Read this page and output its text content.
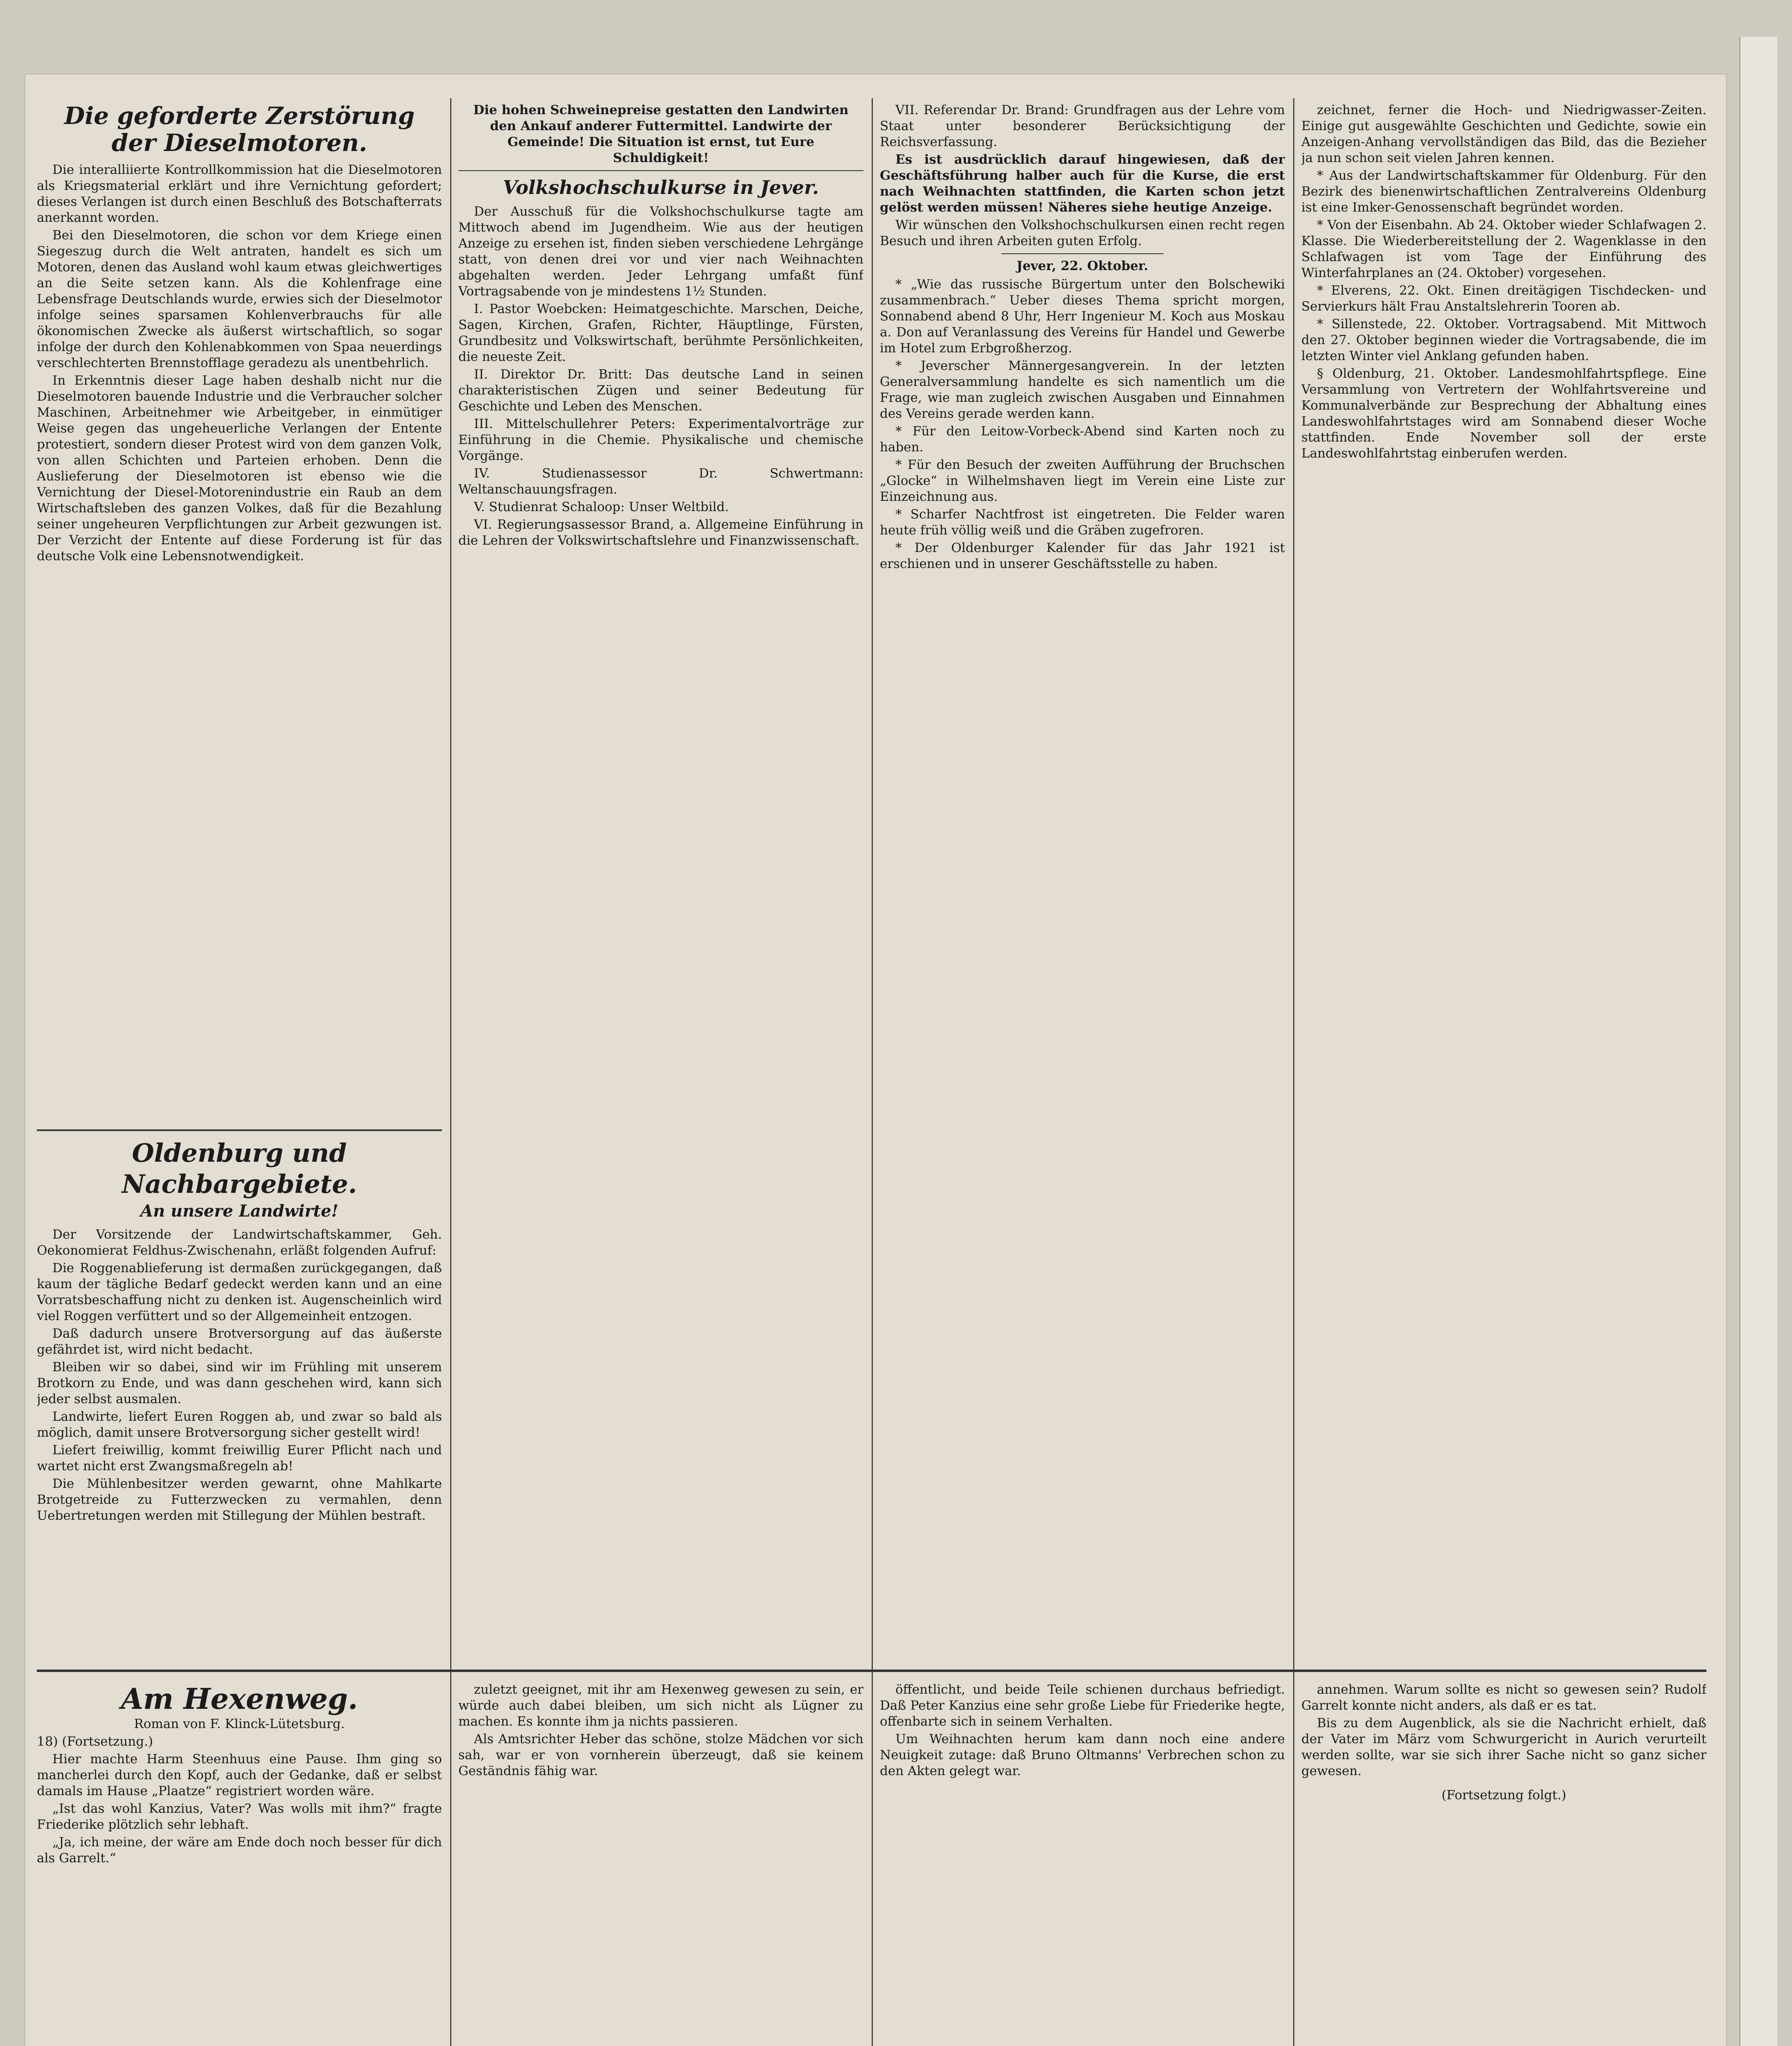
Die geforderte Zerstörung
der Dieselmotoren.

Die interalliierte Kontrollkommission hat die Dieselmotoren als Kriegsmaterial erklärt und ihre Vernichtung gefordert; dieses Verlangen ist durch einen Beschluß des Botschafterrats anerkannt worden.

Bei den Dieselmotoren, die schon vor dem Kriege einen Siegeszug durch die Welt antraten, handelt es sich um Motoren, denen das Ausland wohl kaum etwas gleichwertiges an die Seite setzen kann. Als die Kohlenfrage eine Lebensfrage Deutschlands wurde, erwies sich der Dieselmotor infolge seines sparsamen Kohlenverbrauchs für alle ökonomischen Zwecke als äußerst wirtschaftlich, so sogar infolge der durch den Kohlenabkommen von Spaa neuerdings verschlechterten Brennstofflage geradezu als unentbehrlich.

In Erkenntnis dieser Lage haben deshalb nicht nur die Dieselmotoren bauende Industrie und die Verbraucher solcher Maschinen, Arbeitnehmer wie Arbeitgeber, in einmütiger Weise gegen das ungeheuerliche Verlangen der Entente protestiert, sondern dieser Protest wird von dem ganzen Volk, von allen Schichten und Parteien erhoben. Denn die Auslieferung der Dieselmotoren ist ebenso wie die Vernichtung der Diesel-Motorenindustrie ein Raub an dem Wirtschaftsleben des ganzen Volkes, daß für die Bezahlung seiner ungeheuren Verpflichtungen zur Arbeit gezwungen ist. Der Verzicht der Entente auf diese Forderung ist für das deutsche Volk eine Lebensnotwendigkeit.

Oldenburg und Nachbargebiete.
An unsere Landwirte!

Der Vorsitzende der Landwirtschaftskammer, Geh. Oekonomierat Feldhus-Zwischenahn, erläßt folgenden Aufruf:

Die Roggenablieferung ist dermaßen zurückgegangen, daß kaum der tägliche Bedarf gedeckt werden kann und an eine Vorratsbeschaffung nicht zu denken ist. Augenscheinlich wird viel Roggen verfüttert und so der Allgemeinheit entzogen.

Daß dadurch unsere Brotversorgung auf das äußerste gefährdet ist, wird nicht bedacht.

Bleiben wir so dabei, sind wir im Frühling mit unserem Brotkorn zu Ende, und was dann geschehen wird, kann sich jeder selbst ausmalen.

Landwirte, liefert Euren Roggen ab, und zwar so bald als möglich, damit unsere Brotversorgung sicher gestellt wird!

Liefert freiwillig, kommt freiwillig Eurer Pflicht nach und wartet nicht erst Zwangsmaßregeln ab!

Die Mühlenbesitzer werden gewarnt, ohne Mahlkarte Brotgetreide zu Futterzwecken zu vermahlen, denn Uebertretungen werden mit Stillegung der Mühlen bestraft.

Die hohen Schweinepreise gestatten den Landwirten den Ankauf anderer Futtermittel. Landwirte der Gemeinde! Die Situation ist ernst, tut Eure Schuldigkeit!

Volkshochschulkurse in Jever.

Der Ausschuß für die Volkshochschulkurse tagte am Mittwoch abend im Jugendheim. Wie aus der heutigen Anzeige zu ersehen ist, finden sieben verschiedene Lehrgänge statt, von denen drei vor und vier nach Weihnachten abgehalten werden. Jeder Lehrgang umfaßt fünf Vortragsabende von je mindestens 1½ Stunden.

I. Pastor Woebcken: Heimatgeschichte. Marschen, Deiche, Sagen, Kirchen, Grafen, Richter, Häuptlinge, Fürsten, Grundbesitz und Volkswirtschaft, berühmte Persönlichkeiten, die neueste Zeit.

II. Direktor Dr. Britt: Das deutsche Land in seinen charakteristischen Zügen und seiner Bedeutung für Geschichte und Leben des Menschen.

III. Mittelschullehrer Peters: Experimentalvorträge zur Einführung in die Chemie. Physikalische und chemische Vorgänge.

IV. Studienassessor Dr. Schwertmann: Weltanschauungsfragen.

V. Studienrat Schaloop: Unser Weltbild.

VI. Regierungsassessor Brand, a. Allgemeine Einführung in die Lehren der Volkswirtschaftslehre und Finanzwissenschaft.

VII. Referendar Dr. Brand: Grundfragen aus der Lehre vom Staat unter besonderer Berücksichtigung der Reichsverfassung.

Es ist ausdrücklich darauf hingewiesen, daß der Geschäftsführung halber auch für die Kurse, die erst nach Weihnachten stattfinden, die Karten schon jetzt gelöst werden müssen! Näheres siehe heutige Anzeige.

Wir wünschen den Volkshochschulkursen einen recht regen Besuch und ihren Arbeiten guten Erfolg.

Jever, 22. Oktober.

* „Wie das russische Bürgertum unter den Bolschewiki zusammenbrach.“ Ueber dieses Thema spricht morgen, Sonnabend abend 8 Uhr, Herr Ingenieur M. Koch aus Moskau a. Don auf Veranlassung des Vereins für Handel und Gewerbe im Hotel zum Erbgroßherzog.

* Jeverscher Männergesangverein. In der letzten Generalversammlung handelte es sich namentlich um die Frage, wie man zugleich zwischen Ausgaben und Einnahmen des Vereins gerade werden kann.

* Für den Leitow-Vorbeck-Abend sind Karten noch zu haben.

* Für den Besuch der zweiten Aufführung der Bruchschen „Glocke“ in Wilhelmshaven liegt im Verein eine Liste zur Einzeichnung aus.

* Scharfer Nachtfrost ist eingetreten. Die Felder waren heute früh völlig weiß und die Gräben zugefroren.

* Der Oldenburger Kalender für das Jahr 1921 ist erschienen und in unserer Geschäftsstelle zu haben.

zeichnet, ferner die Hoch- und Niedrigwasser-Zeiten. Einige gut ausgewählte Geschichten und Gedichte, sowie ein Anzeigen-Anhang vervollständigen das Bild, das die Bezieher ja nun schon seit vielen Jahren kennen.

* Aus der Landwirtschaftskammer für Oldenburg. Für den Bezirk des bienenwirtschaftlichen Zentralvereins Oldenburg ist eine Imker-Genossenschaft begründet worden.

* Von der Eisenbahn. Ab 24. Oktober wieder Schlafwagen 2. Klasse. Die Wiederbereitstellung der 2. Wagenklasse in den Schlafwagen ist vom Tage der Einführung des Winterfahrplanes an (24. Oktober) vorgesehen.

* Elverens, 22. Okt. Einen dreitägigen Tischdecken- und Servierkurs hält Frau Anstaltslehrerin Tooren ab.

* Sillenstede, 22. Oktober. Vortragsabend. Mit Mittwoch den 27. Oktober beginnen wieder die Vortragsabende, die im letzten Winter viel Anklang gefunden haben.

§ Oldenburg, 21. Oktober. Landesmohlfahrtspflege. Eine Versammlung von Vertretern der Wohlfahrtsvereine und Kommunalverbände zur Besprechung der Abhaltung eines Landeswohlfahrtstages wird am Sonnabend dieser Woche stattfinden. Ende November soll der erste Landeswohlfahrtstag einberufen werden.

Am Hexenweg.

Roman von F. Klinck-Lütetsburg.

18) (Fortsetzung.)

Hier machte Harm Steenhuus eine Pause. Ihm ging so mancherlei durch den Kopf, auch der Gedanke, daß er selbst damals im Hause „Plaatze“ registriert worden wäre.

„Ist das wohl Kanzius, Vater? Was wolls mit ihm?“ fragte Friederike plötzlich sehr lebhaft.

„Ja, ich meine, der wäre am Ende doch noch besser für dich als Garrelt.“

zuletzt geeignet, mit ihr am Hexenweg gewesen zu sein, er würde auch dabei bleiben, um sich nicht als Lügner zu machen. Es konnte ihm ja nichts passieren.

Als Amtsrichter Heber das schöne, stolze Mädchen vor sich sah, war er von vornherein überzeugt, daß sie keinem Geständnis fähig war.

öffentlicht, und beide Teile schienen durchaus befriedigt. Daß Peter Kanzius eine sehr große Liebe für Friederike hegte, offenbarte sich in seinem Verhalten.

Um Weihnachten herum kam dann noch eine andere Neuigkeit zutage: daß Bruno Oltmanns' Verbrechen schon zu den Akten gelegt war.

annehmen. Warum sollte es nicht so gewesen sein? Rudolf Garrelt konnte nicht anders, als daß er es tat.

Bis zu dem Augenblick, als sie die Nachricht erhielt, daß der Vater im März vom Schwurgericht in Aurich verurteilt werden sollte, war sie sich ihrer Sache nicht so ganz sicher gewesen.

(Fortsetzung folgt.)
